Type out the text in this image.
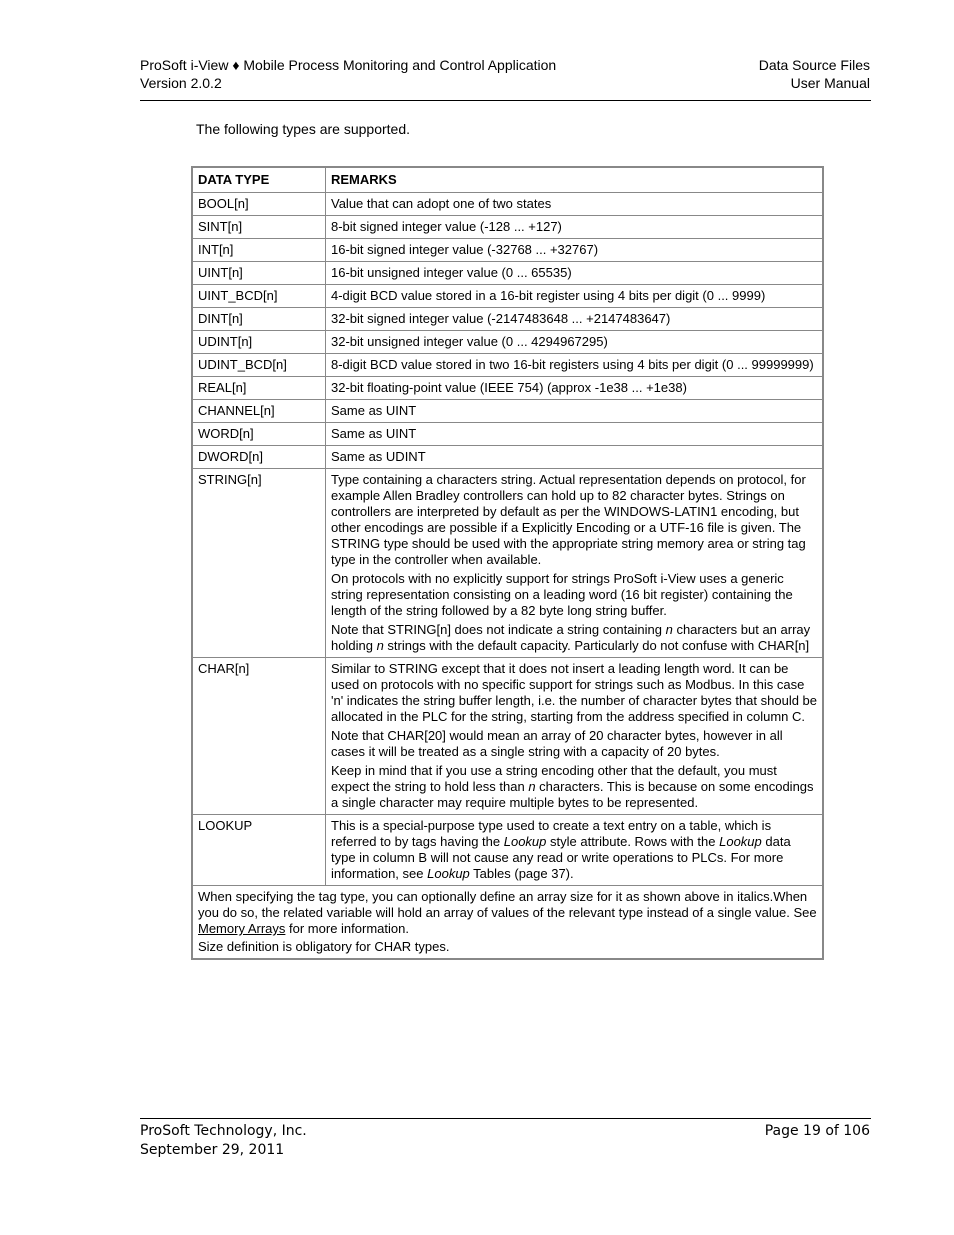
ProSoft i-View ♦ Mobile Process Monitoring and Control Application
Version 2.0.2
Data Source Files
User Manual
The following types are supported.
DATA TYPE	REMARKS
BOOL[n]	Value that can adopt one of two states

SINT[n]	8-bit signed integer value (-128 ... +127)

INT[n]	16-bit signed integer value (-32768 ... +32767)

UINT[n]	16-bit unsigned integer value (0 ... 65535)

UINT_BCD[n]	4-digit BCD value stored in a 16-bit register using 4 bits per digit (0 ... 9999)

DINT[n]	32-bit signed integer value (-2147483648 ... +2147483647)

UDINT[n]	32-bit unsigned integer value (0 ... 4294967295)

UDINT_BCD[n]	8-digit BCD value stored in two 16-bit registers using 4 bits per digit (0 ... 99999999)

REAL[n]	32-bit floating-point value (IEEE 754) (approx -1e38 ... +1e38)

CHANNEL[n]	Same as UINT

WORD[n]	Same as UINT

DWORD[n]	Same as UDINT

STRING[n]	Type containing a characters string. Actual representation depends on protocol, for example Allen Bradley controllers can hold up to 82 character bytes. Strings on controllers are interpreted by default as per the WINDOWS-LATIN1 encoding, but other encodings are possible if a Explicitly Encoding or a UTF-16 file is given. The STRING type should be used with the appropriate string memory area or string tag type in the controller when available.

On protocols with no explicitly support for strings ProSoft i-View uses a generic string representation consisting on a leading word (16 bit register) containing the length of the string followed by a 82 byte long string buffer.

Note that STRING[n] does not indicate a string containing n characters but an array holding n strings with the default capacity. Particularly do not confuse with CHAR[n]

CHAR[n]	Similar to STRING except that it does not insert a leading length word. It can be used on protocols with no specific support for strings such as Modbus. In this case 'n' indicates the string buffer length, i.e. the number of character bytes that should be allocated in the PLC for the string, starting from the address specified in column C.

Note that CHAR[20] would mean an array of 20 character bytes, however in all cases it will be treated as a single string with a capacity of 20 bytes.

Keep in mind that if you use a string encoding other that the default, you must expect the string to hold less than n characters. This is because on some encodings a single character may require multiple bytes to be represented.

LOOKUP	This is a special-purpose type used to create a text entry on a table, which is referred to by tags having the Lookup style attribute. Rows with the Lookup data type in column B will not cause any read or write operations to PLCs. For more information, see Lookup Tables (page 37).

When specifying the tag type, you can optionally define an array size for it as shown above in italics.When you do so, the related variable will hold an array of values of the relevant type instead of a single value. See Memory Arrays for more information.

Size definition is obligatory for CHAR types.	

ProSoft Technology, Inc.
September 29, 2011
Page 19 of 106
